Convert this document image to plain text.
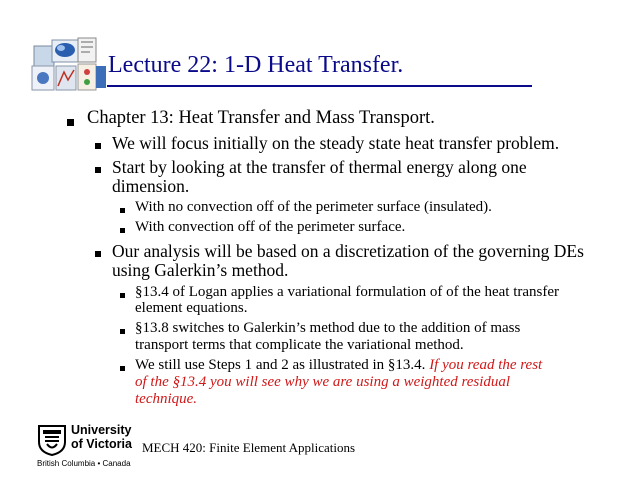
Lecture 22: 1-D Heat Transfer.
Chapter 13: Heat Transfer and Mass Transport.
We will focus initially on the steady state heat transfer problem.
Start by looking at the transfer of thermal energy along one
dimension.
With no convection off of the perimeter surface (insulated).
With convection off of the perimeter surface.
Our analysis will be based on a discretization of the governing DEs
using Galerkin’s method.
§13.4 of Logan applies a variational formulation of of the heat transfer
element equations.
§13.8 switches to Galerkin’s method due to the addition of mass
transport terms that complicate the variational method.
We still use Steps 1 and 2 as illustrated in §13.4. If you read the rest
of the §13.4 you will see why we are using a weighted residual
technique.
University
of Victoria
British Columbia • Canada
MECH 420: Finite Element Applications
